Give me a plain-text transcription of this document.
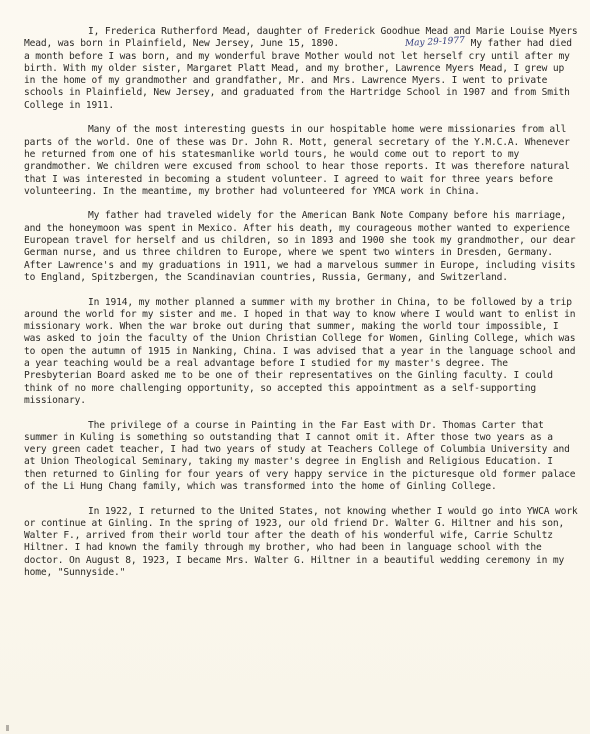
I, Frederica Rutherford Mead, daughter of Frederick Goodhue Mead and Marie Louise Myers Mead, was born in Plainfield, New Jersey, June 15, 1890.	May 29-1977 My father had died a month before I was born, and my wonderful brave Mother would not let herself cry until after my birth. With my older sister, Margaret Platt Mead, and my brother, Lawrence Myers Mead, I grew up in the home of my grandmother and grandfather, Mr. and Mrs. Lawrence Myers. I went to private schools in Plainfield, New Jersey, and graduated from the Hartridge School in 1907 and from Smith College in 1911.

Many of the most interesting guests in our hospitable home were missionaries from all parts of the world. One of these was Dr. John R. Mott, general secretary of the Y.M.C.A. Whenever he returned from one of his statesmanlike world tours, he would come out to report to my grandmother. We children were excused from school to hear those reports. It was therefore natural that I was interested in becoming a student volunteer. I agreed to wait for three years before volunteering. In the meantime, my brother had volunteered for YMCA work in China.

My father had traveled widely for the American Bank Note Company before his marriage, and the honeymoon was spent in Mexico. After his death, my courageous mother wanted to experience European travel for herself and us children, so in 1893 and 1900 she took my grandmother, our dear German nurse, and us three children to Europe, where we spent two winters in Dresden, Germany. After Lawrence's and my graduations in 1911, we had a marvelous summer in Europe, including visits to England, Spitzbergen, the Scandinavian countries, Russia, Germany, and Switzerland.

In 1914, my mother planned a summer with my brother in China, to be followed by a trip around the world for my sister and me. I hoped in that way to know where I would want to enlist in missionary work. When the war broke out during that summer, making the world tour impossible, I was asked to join the faculty of the Union Christian College for Women, Ginling College, which was to open the autumn of 1915 in Nanking, China. I was advised that a year in the language school and a year teaching would be a real advantage before I studied for my master's degree. The Presbyterian Board asked me to be one of their representatives on the Ginling faculty. I could think of no more challenging opportunity, so accepted this appointment as a self-supporting missionary.

The privilege of a course in Painting in the Far East with Dr. Thomas Carter that summer in Kuling is something so outstanding that I cannot omit it. After those two years as a very green cadet teacher, I had two years of study at Teachers College of Columbia University and at Union Theological Seminary, taking my master's degree in English and Religious Education. I then returned to Ginling for four years of very happy service in the picturesque old former palace of the Li Hung Chang family, which was transformed into the home of Ginling College.

In 1922, I returned to the United States, not knowing whether I would go into YWCA work or continue at Ginling. In the spring of 1923, our old friend Dr. Walter G. Hiltner and his son, Walter F., arrived from their world tour after the death of his wonderful wife, Carrie Schultz Hiltner. I had known the family through my brother, who had been in language school with the doctor. On August 8, 1923, I became Mrs. Walter G. Hiltner in a beautiful wedding ceremony in my home, "Sunnyside."
